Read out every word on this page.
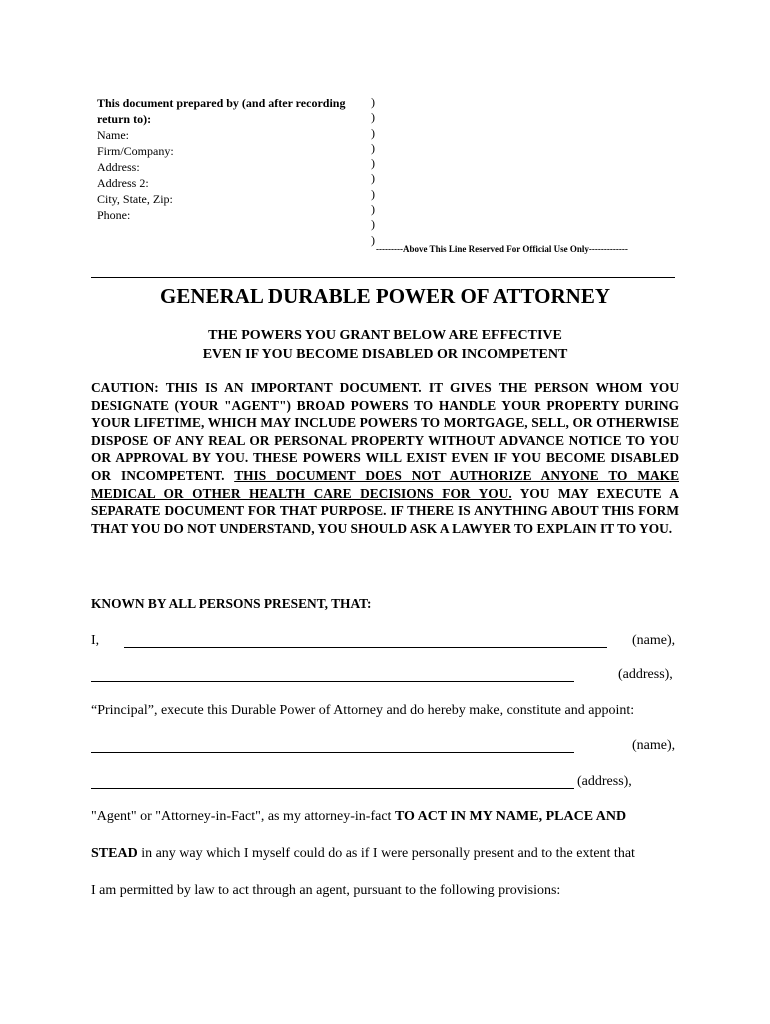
This document prepared by (and after recording
return to):
Name:
Firm/Company:
Address:
Address 2:
City, State, Zip:
Phone:
)
)
)
)
)
)
)
)
)
)
---------Above This Line Reserved For Official Use Only-------------
GENERAL DURABLE POWER OF ATTORNEY
THE POWERS YOU GRANT BELOW ARE EFFECTIVE
EVEN IF YOU BECOME DISABLED OR INCOMPETENT
CAUTION: THIS IS AN IMPORTANT DOCUMENT. IT GIVES THE PERSON WHOM YOU DESIGNATE (YOUR "AGENT") BROAD POWERS TO HANDLE YOUR PROPERTY DURING YOUR LIFETIME, WHICH MAY INCLUDE POWERS TO MORTGAGE, SELL, OR OTHERWISE DISPOSE OF ANY REAL OR PERSONAL PROPERTY WITHOUT ADVANCE NOTICE TO YOU OR APPROVAL BY YOU. THESE POWERS WILL EXIST EVEN IF YOU BECOME DISABLED OR INCOMPETENT. THIS DOCUMENT DOES NOT AUTHORIZE ANYONE TO MAKE MEDICAL OR OTHER HEALTH CARE DECISIONS FOR YOU. YOU MAY EXECUTE A SEPARATE DOCUMENT FOR THAT PURPOSE. IF THERE IS ANYTHING ABOUT THIS FORM THAT YOU DO NOT UNDERSTAND, YOU SHOULD ASK A LAWYER TO EXPLAIN IT TO YOU.
KNOWN BY ALL PERSONS PRESENT, THAT:
I,	(name),
(address),
“Principal”, execute this Durable Power of Attorney and do hereby make, constitute and appoint:
(name),
(address),
"Agent" or "Attorney-in-Fact", as my attorney-in-fact TO ACT IN MY NAME, PLACE AND
STEAD in any way which I myself could do as if I were personally present and to the extent that
I am permitted by law to act through an agent, pursuant to the following provisions:
